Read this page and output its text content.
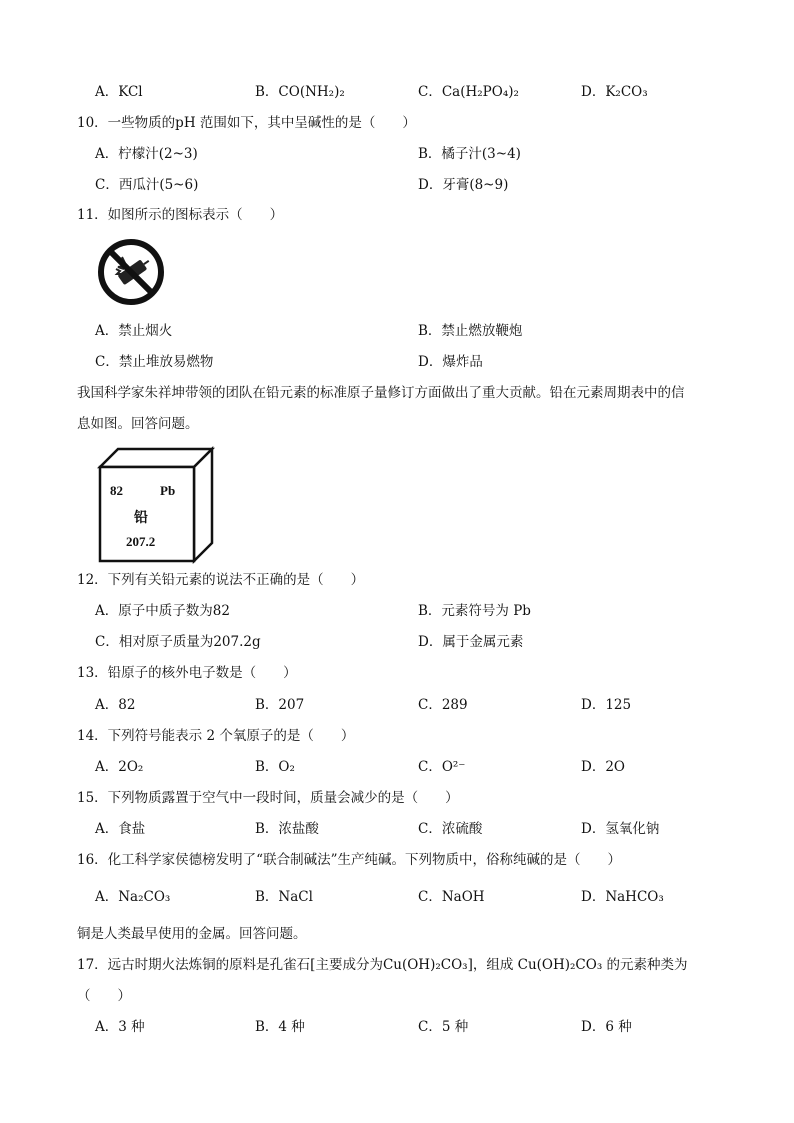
A．KCl	B．CO(NH₂)₂	C．Ca(H₂PO₄)₂	D．K₂CO₃
10．一些物质的pH 范围如下，其中呈碱性的是（　　）
A．柠檬汁(2~3)	B．橘子汁(3~4)
C．西瓜汁(5~6)	D．牙膏(8~9)
11．如图所示的图标表示（　　）
A．禁止烟火	B．禁止燃放鞭炮
C．禁止堆放易燃物	D．爆炸品
我国科学家朱祥坤带领的团队在铅元素的标准原子量修订方面做出了重大贡献。铅在元素周期表中的信
息如图。回答问题。
82	Pb
铅
207.2
12．下列有关铅元素的说法不正确的是（　　）
A．原子中质子数为82	B．元素符号为 Pb
C．相对原子质量为207.2g	D．属于金属元素
13．铅原子的核外电子数是（　　）
A．82	B．207	C．289	D．125
14．下列符号能表示 2 个氧原子的是（　　）
A．2O₂	B．O₂	C．O²⁻	D．2O
15．下列物质露置于空气中一段时间，质量会减少的是（　　）
A．食盐	B．浓盐酸	C．浓硫酸	D．氢氧化钠
16．化工科学家侯德榜发明了“联合制碱法”生产纯碱。下列物质中，俗称纯碱的是（　　）
A．Na₂CO₃	B．NaCl	C．NaOH	D．NaHCO₃
铜是人类最早使用的金属。回答问题。
17．远古时期火法炼铜的原料是孔雀石[主要成分为Cu(OH)₂CO₃]，组成 Cu(OH)₂CO₃ 的元素种类为
（　　）
A．3 种	B．4 种	C．5 种	D．6 种
